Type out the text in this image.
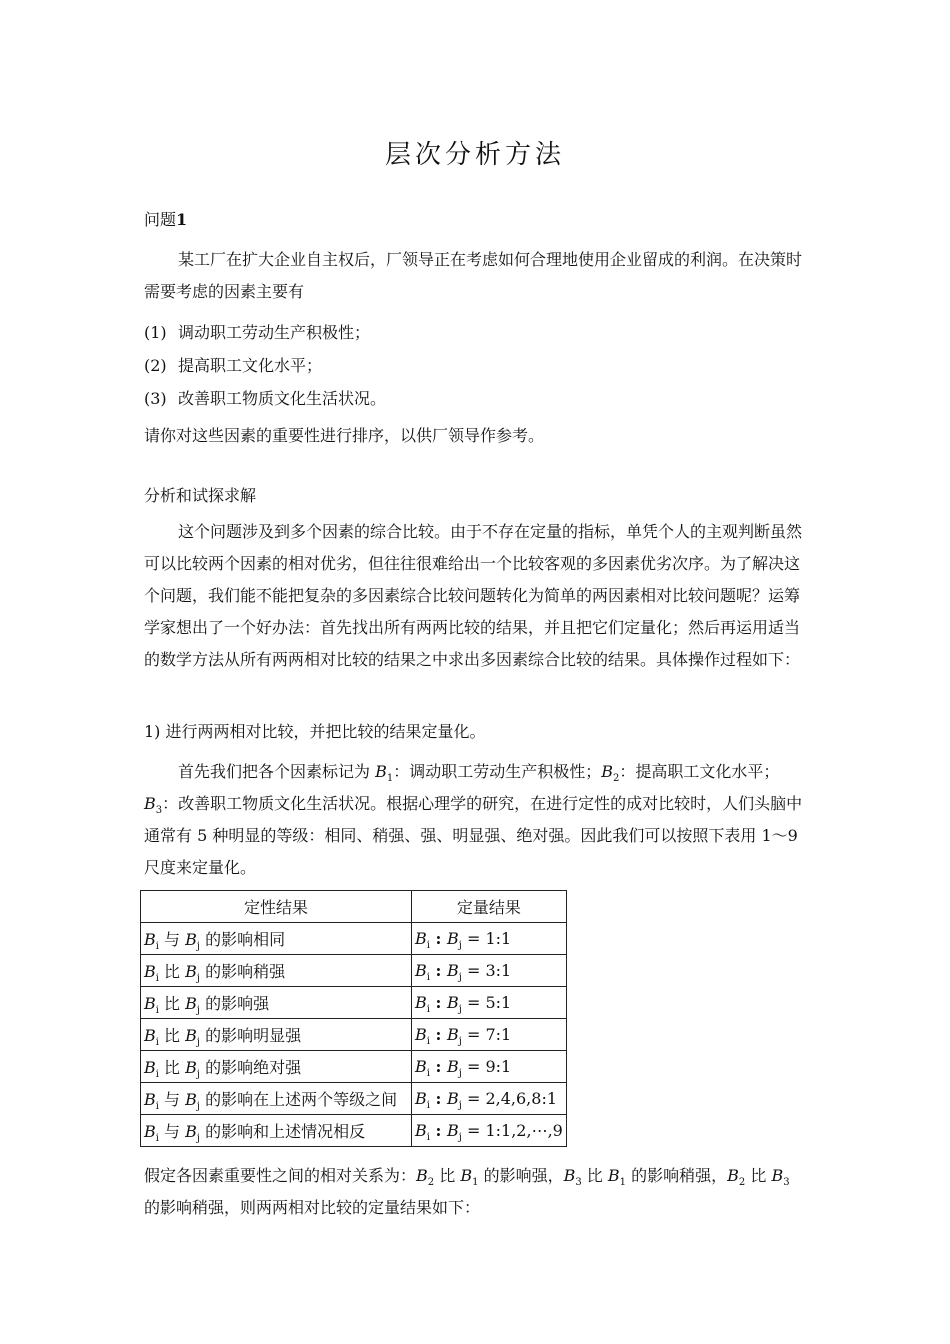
层次分析方法
问题1
某工厂在扩大企业自主权后，厂领导正在考虑如何合理地使用企业留成的利润。在决策时需要考虑的因素主要有
(1) 调动职工劳动生产积极性；
(2) 提高职工文化水平；
(3) 改善职工物质文化生活状况。
请你对这些因素的重要性进行排序，以供厂领导作参考。
分析和试探求解
这个问题涉及到多个因素的综合比较。由于不存在定量的指标，单凭个人的主观判断虽然可以比较两个因素的相对优劣，但往往很难给出一个比较客观的多因素优劣次序。为了解决这个问题，我们能不能把复杂的多因素综合比较问题转化为简单的两因素相对比较问题呢？运筹学家想出了一个好办法：首先找出所有两两比较的结果，并且把它们定量化；然后再运用适当的数学方法从所有两两相对比较的结果之中求出多因素综合比较的结果。具体操作过程如下：
1) 进行两两相对比较，并把比较的结果定量化。
首先我们把各个因素标记为 $B_1$：调动职工劳动生产积极性；$B_2$：提高职工文化水平；$B_3$：改善职工物质文化生活状况。根据心理学的研究，在进行定性的成对比较时，人们头脑中通常有 5 种明显的等级：相同、稍强、强、明显强、绝对强。因此我们可以按照下表用 1～9 尺度来定量化。
定性结果	定量结果
$B_i$ 与 $B_j$ 的影响相同	$B_i$ : $B_j$ = 1:1
$B_i$ 比 $B_j$ 的影响稍强	$B_i$ : $B_j$ = 3:1
$B_i$ 比 $B_j$ 的影响强	$B_i$ : $B_j$ = 5:1
$B_i$ 比 $B_j$ 的影响明显强	$B_i$ : $B_j$ = 7:1
$B_i$ 比 $B_j$ 的影响绝对强	$B_i$ : $B_j$ = 9:1
$B_i$ 与 $B_j$ 的影响在上述两个等级之间	$B_i$ : $B_j$ = 2,4,6,8:1
$B_i$ 与 $B_j$ 的影响和上述情况相反	$B_i$ : $B_j$ = 1:1,2,⋯,9
假定各因素重要性之间的相对关系为：$B_2$ 比 $B_1$ 的影响强，$B_3$ 比 $B_1$ 的影响稍强，$B_2$ 比 $B_3$ 的影响稍强，则两两相对比较的定量结果如下：
